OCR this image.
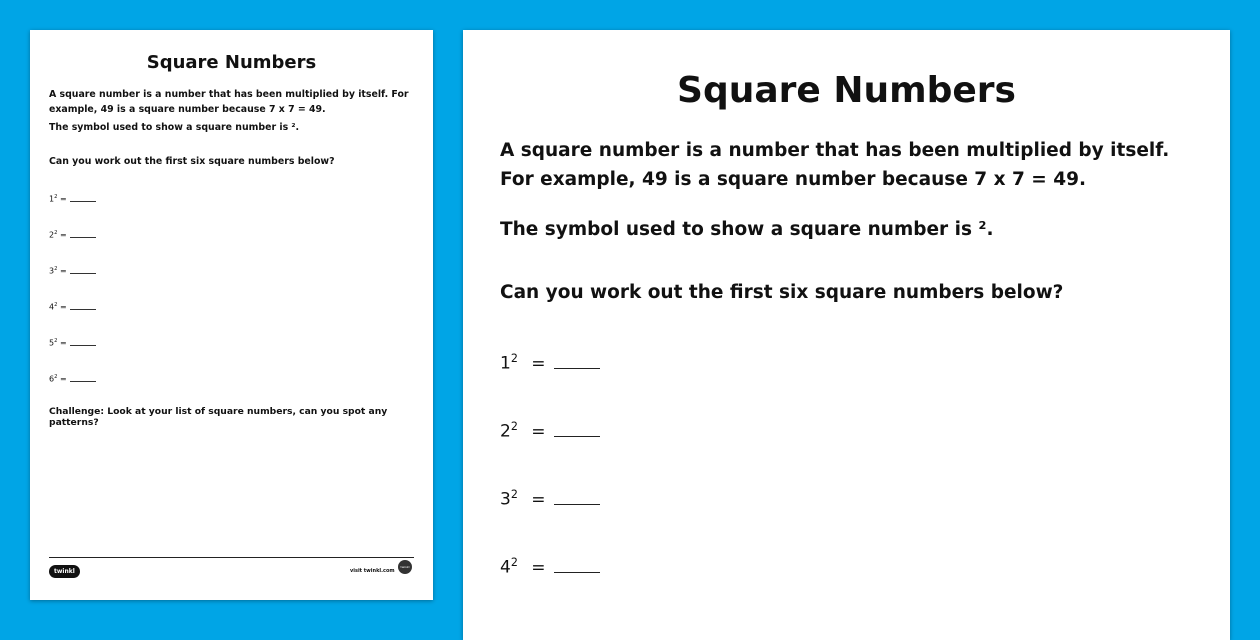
Square Numbers

A square number is a number that has been multiplied by itself. For example, 49 is a square number because 7 x 7 = 49.

The symbol used to show a square number is ².

Can you work out the first six square numbers below?

$1^2$ =
$2^2$ =
$3^2$ =
$4^2$ =
$5^2$ =
$6^2$ =

Challenge: Look at your list of square numbers, can you spot any patterns?

twinkl	visit twinkl.com
twinkl
Square Numbers

A square number is a number that has been multiplied by itself. For example, 49 is a square number because 7 x 7 = 49.

The symbol used to show a square number is ².

Can you work out the first six square numbers below?

$1^2$ =
$2^2$ =
$3^2$ =
$4^2$ =
